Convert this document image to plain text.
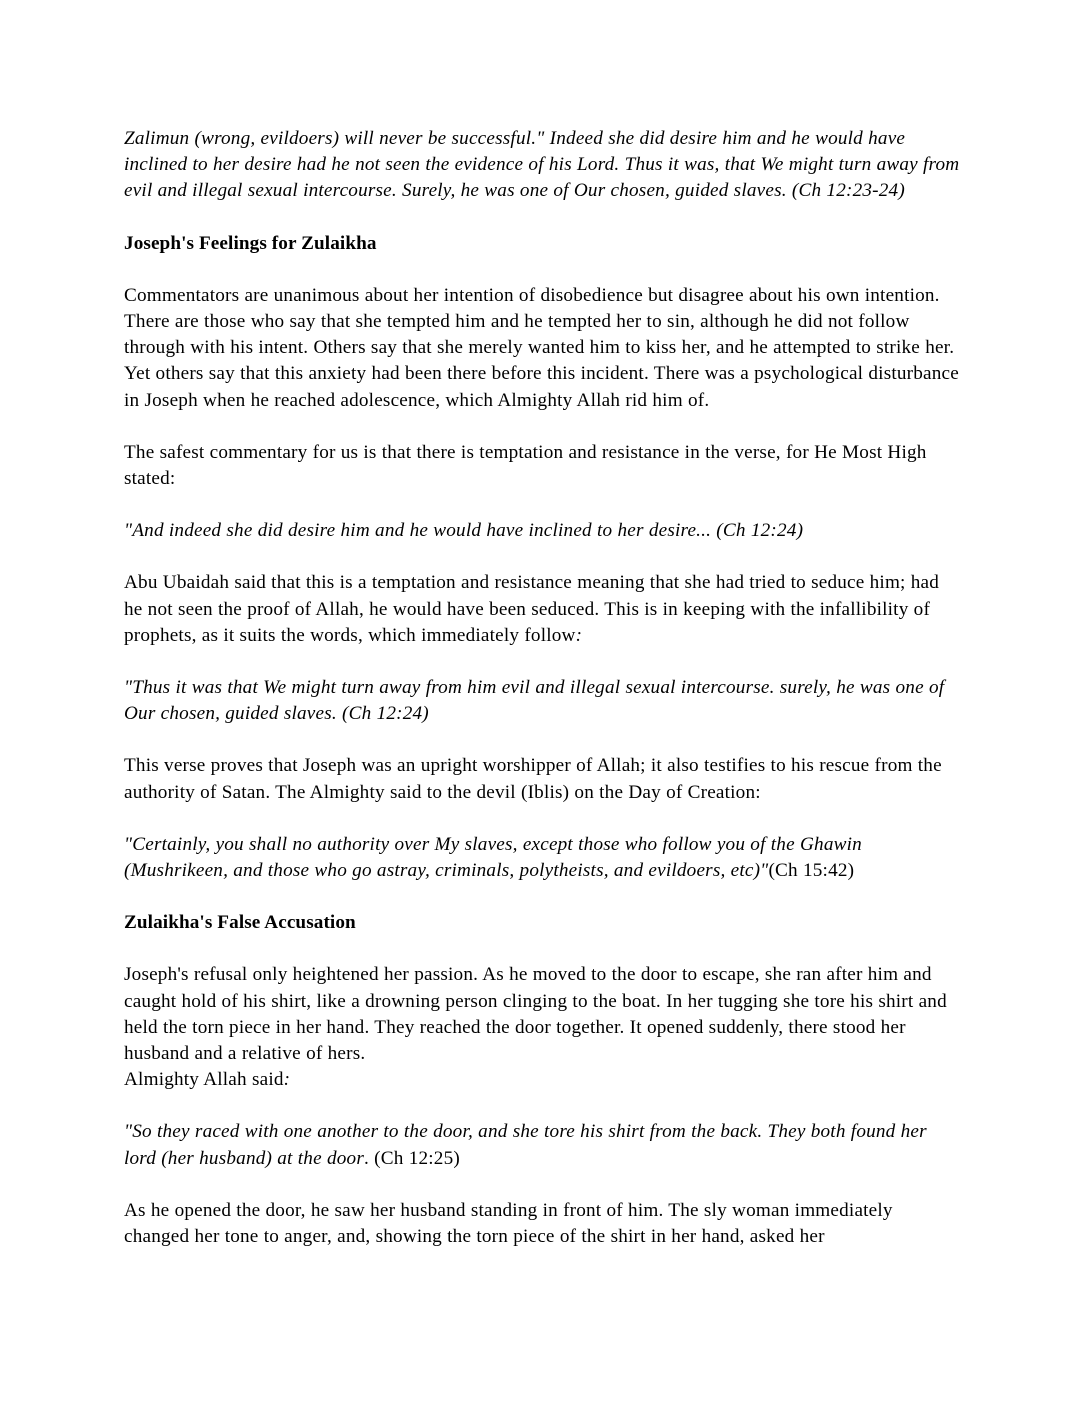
Zalimun (wrong, evildoers) will never be successful." Indeed she did desire him and he would have inclined to her desire had he not seen the evidence of his Lord. Thus it was, that We might turn away from evil and illegal sexual intercourse. Surely, he was one of Our chosen, guided slaves. (Ch 12:23-24)

Joseph's Feelings for Zulaikha

Commentators are unanimous about her intention of disobedience but disagree about his own intention. There are those who say that she tempted him and he tempted her to sin, although he did not follow through with his intent. Others say that she merely wanted him to kiss her, and he attempted to strike her. Yet others say that this anxiety had been there before this incident. There was a psychological disturbance in Joseph when he reached adolescence, which Almighty Allah rid him of.

The safest commentary for us is that there is temptation and resistance in the verse, for He Most High stated:

"And indeed she did desire him and he would have inclined to her desire... (Ch 12:24)

Abu Ubaidah said that this is a temptation and resistance meaning that she had tried to seduce him; had he not seen the proof of Allah, he would have been seduced. This is in keeping with the infallibility of prophets, as it suits the words, which immediately follow:

"Thus it was that We might turn away from him evil and illegal sexual intercourse. surely, he was one of Our chosen, guided slaves. (Ch 12:24)

This verse proves that Joseph was an upright worshipper of Allah; it also testifies to his rescue from the authority of Satan. The Almighty said to the devil (Iblis) on the Day of Creation:

"Certainly, you shall no authority over My slaves, except those who follow you of the Ghawin (Mushrikeen, and those who go astray, criminals, polytheists, and evildoers, etc)"(Ch 15:42)

Zulaikha's False Accusation

Joseph's refusal only heightened her passion. As he moved to the door to escape, she ran after him and caught hold of his shirt, like a drowning person clinging to the boat. In her tugging she tore his shirt and held the torn piece in her hand. They reached the door together. It opened suddenly, there stood her husband and a relative of hers.

Almighty Allah said:

"So they raced with one another to the door, and she tore his shirt from the back. They both found her lord (her husband) at the door. (Ch 12:25)

As he opened the door, he saw her husband standing in front of him. The sly woman immediately changed her tone to anger, and, showing the torn piece of the shirt in her hand, asked her
